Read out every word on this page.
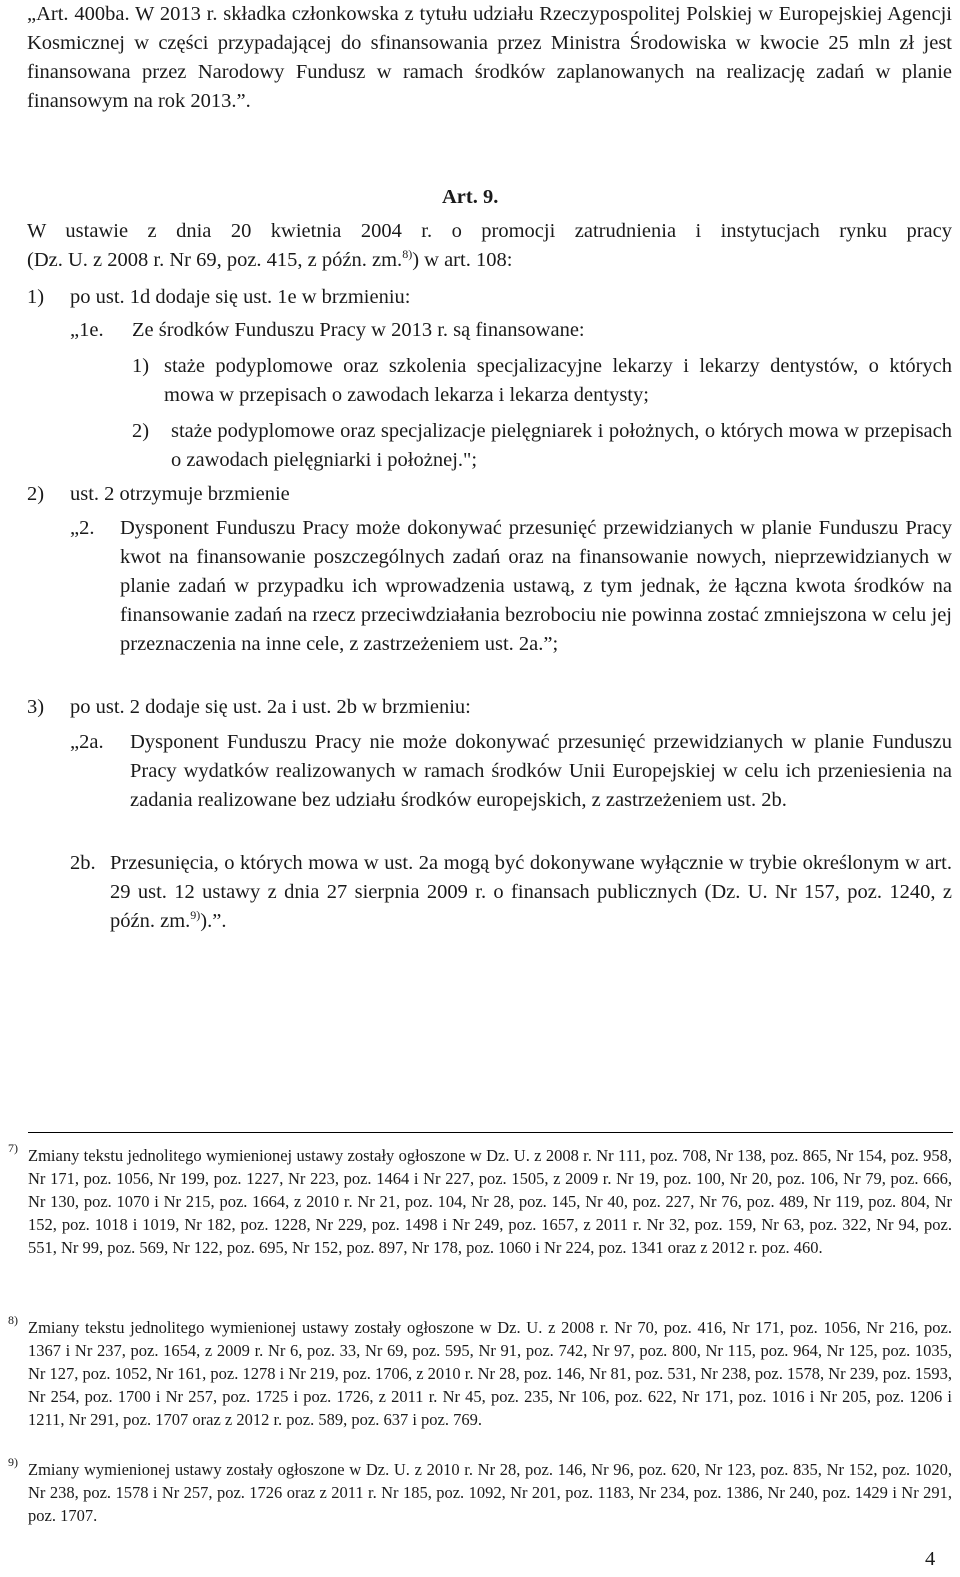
„Art. 400ba. W 2013 r. składka członkowska z tytułu udziału Rzeczypospolitej Polskiej w Europejskiej Agencji Kosmicznej w części przypadającej do sfinansowania przez Ministra Środowiska w kwocie 25 mln zł jest finansowana przez Narodowy Fundusz w ramach środków zaplanowanych na realizację zadań w planie finansowym na rok 2013.”.

Art. 9.
W ustawie z dnia 20 kwietnia 2004 r. o promocji zatrudnienia i instytucjach rynku pracy
(Dz. U. z 2008 r. Nr 69, poz. 415, z późn. zm.$^{8)}$) w art. 108:
1) po ust. 1d dodaje się ust. 1e w brzmieniu:
„1e. Ze środków Funduszu Pracy w 2013 r. są finansowane:
1) staże podyplomowe oraz szkolenia specjalizacyjne lekarzy i lekarzy dentystów, o których mowa w przepisach o zawodach lekarza i lekarza dentysty;

2) staże podyplomowe oraz specjalizacje pielęgniarek i położnych, o których mowa w przepisach o zawodach pielęgniarki i położnej.";

2) ust. 2 otrzymuje brzmienie
„2. Dysponent Funduszu Pracy może dokonywać przesunięć przewidzianych w planie Funduszu Pracy kwot na finansowanie poszczególnych zadań oraz na finansowanie nowych, nieprzewidzianych w planie zadań w przypadku ich wprowadzenia ustawą, z tym jednak, że łączna kwota środków na finansowanie zadań na rzecz przeciwdziałania bezrobociu nie powinna zostać zmniejszona w celu jej przeznaczenia na inne cele, z zastrzeżeniem ust. 2a.”;

3) po ust. 2 dodaje się ust. 2a i ust. 2b w brzmieniu:
„2a. Dysponent Funduszu Pracy nie może dokonywać przesunięć przewidzianych w planie Funduszu Pracy wydatków realizowanych w ramach środków Unii Europejskiej w celu ich przeniesienia na zadania realizowane bez udziału środków europejskich, z zastrzeżeniem ust. 2b.

2b. Przesunięcia, o których mowa w ust. 2a mogą być dokonywane wyłącznie w trybie określonym w art. 29 ust. 12 ustawy z dnia 27 sierpnia 2009 r. o finansach publicznych (Dz. U. Nr 157, poz. 1240, z późn. zm.$^{9)}$).”.

7) Zmiany tekstu jednolitego wymienionej ustawy zostały ogłoszone w Dz. U. z 2008 r. Nr 111, poz. 708, Nr 138, poz. 865, Nr 154, poz. 958, Nr 171, poz. 1056, Nr 199, poz. 1227, Nr 223, poz. 1464 i Nr 227, poz. 1505, z 2009 r. Nr 19, poz. 100, Nr 20, poz. 106, Nr 79, poz. 666, Nr 130, poz. 1070 i Nr 215, poz. 1664, z 2010 r. Nr 21, poz. 104, Nr 28, poz. 145, Nr 40, poz. 227, Nr 76, poz. 489, Nr 119, poz. 804, Nr 152, poz. 1018 i 1019, Nr 182, poz. 1228, Nr 229, poz. 1498 i Nr 249, poz. 1657, z 2011 r. Nr 32, poz. 159, Nr 63, poz. 322, Nr 94, poz. 551, Nr 99, poz. 569, Nr 122, poz. 695, Nr 152, poz. 897, Nr 178, poz. 1060 i Nr 224, poz. 1341 oraz z 2012 r. poz. 460.

8) Zmiany tekstu jednolitego wymienionej ustawy zostały ogłoszone w Dz. U. z 2008 r. Nr 70, poz. 416, Nr 171, poz. 1056, Nr 216, poz. 1367 i Nr 237, poz. 1654, z 2009 r. Nr 6, poz. 33, Nr 69, poz. 595, Nr 91, poz. 742, Nr 97, poz. 800, Nr 115, poz. 964, Nr 125, poz. 1035, Nr 127, poz. 1052, Nr 161, poz. 1278 i Nr 219, poz. 1706, z 2010 r. Nr 28, poz. 146, Nr 81, poz. 531, Nr 238, poz. 1578, Nr 239, poz. 1593, Nr 254, poz. 1700 i Nr 257, poz. 1725 i poz. 1726, z 2011 r. Nr 45, poz. 235, Nr 106, poz. 622, Nr 171, poz. 1016 i Nr 205, poz. 1206 i 1211, Nr 291, poz. 1707 oraz z 2012 r. poz. 589, poz. 637 i poz. 769.

9) Zmiany wymienionej ustawy zostały ogłoszone w Dz. U. z 2010 r. Nr 28, poz. 146, Nr 96, poz. 620, Nr 123, poz. 835, Nr 152, poz. 1020, Nr 238, poz. 1578 i Nr 257, poz. 1726 oraz z 2011 r. Nr 185, poz. 1092, Nr 201, poz. 1183, Nr 234, poz. 1386, Nr 240, poz. 1429 i Nr 291, poz. 1707.

4
